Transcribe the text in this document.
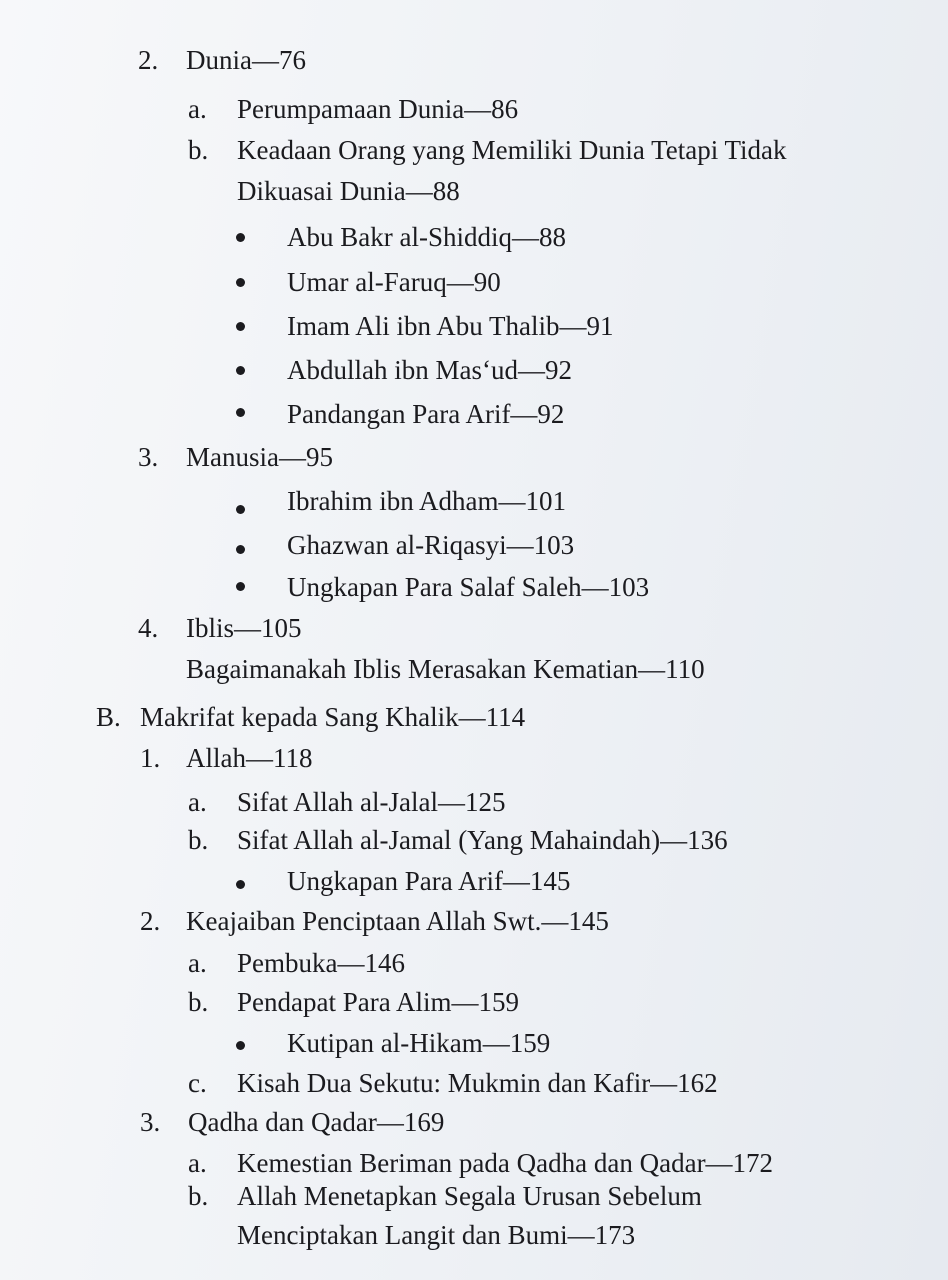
2. Dunia—76
a. Perumpamaan Dunia—86
b. Keadaan Orang yang Memiliki Dunia Tetapi Tidak
Dikuasai Dunia—88
Abu Bakr al-Shiddiq—88
Umar al-Faruq—90
Imam Ali ibn Abu Thalib—91
Abdullah ibn Mas‘ud—92
Pandangan Para Arif—92
3. Manusia—95
Ibrahim ibn Adham—101
Ghazwan al-Riqasyi—103
Ungkapan Para Salaf Saleh—103
4. Iblis—105
Bagaimanakah Iblis Merasakan Kematian—110
B. Makrifat kepada Sang Khalik—114
1. Allah—118
a. Sifat Allah al-Jalal—125
b. Sifat Allah al-Jamal (Yang Mahaindah)—136
Ungkapan Para Arif—145
2. Keajaiban Penciptaan Allah Swt.—145
a. Pembuka—146
b. Pendapat Para Alim—159
Kutipan al-Hikam—159
c. Kisah Dua Sekutu: Mukmin dan Kafir—162
3. Qadha dan Qadar—169
a. Kemestian Beriman pada Qadha dan Qadar—172
b. Allah Menetapkan Segala Urusan Sebelum
Menciptakan Langit dan Bumi—173
